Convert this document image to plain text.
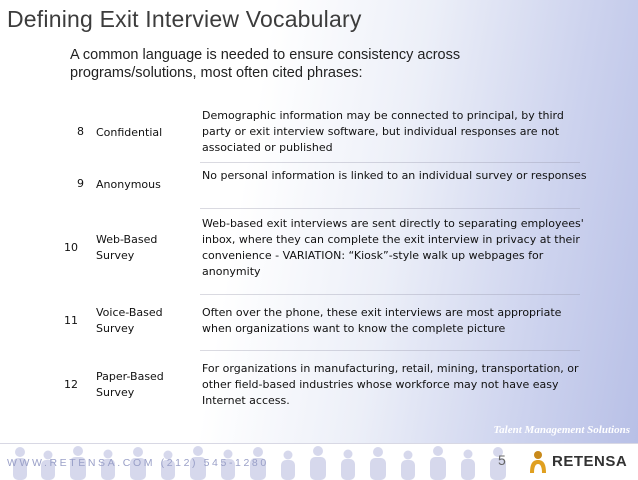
Defining Exit Interview Vocabulary
A common language is needed to ensure consistency across programs/solutions, most often cited phrases:
8 Confidential
Demographic information may be connected to principal, by third party or exit interview software, but individual responses are not associated or published
9 Anonymous
No personal information is linked to an individual survey or responses
10
Web-Based Survey
Web-based exit interviews are sent directly to separating employees' inbox, where they can complete the exit interview in privacy at their convenience - VARIATION: “Kiosk”-style walk up webpages for anonymity
11
Voice-Based Survey
Often over the phone, these exit interviews are most appropriate when organizations want to know the complete picture
12
Paper-Based Survey
For organizations in manufacturing, retail, mining, transportation, or other field-based industries whose workforce may not have easy Internet access.
Talent Management Solutions
WWW.RETENSA.COM (212) 545-1280	5	RETENSA
